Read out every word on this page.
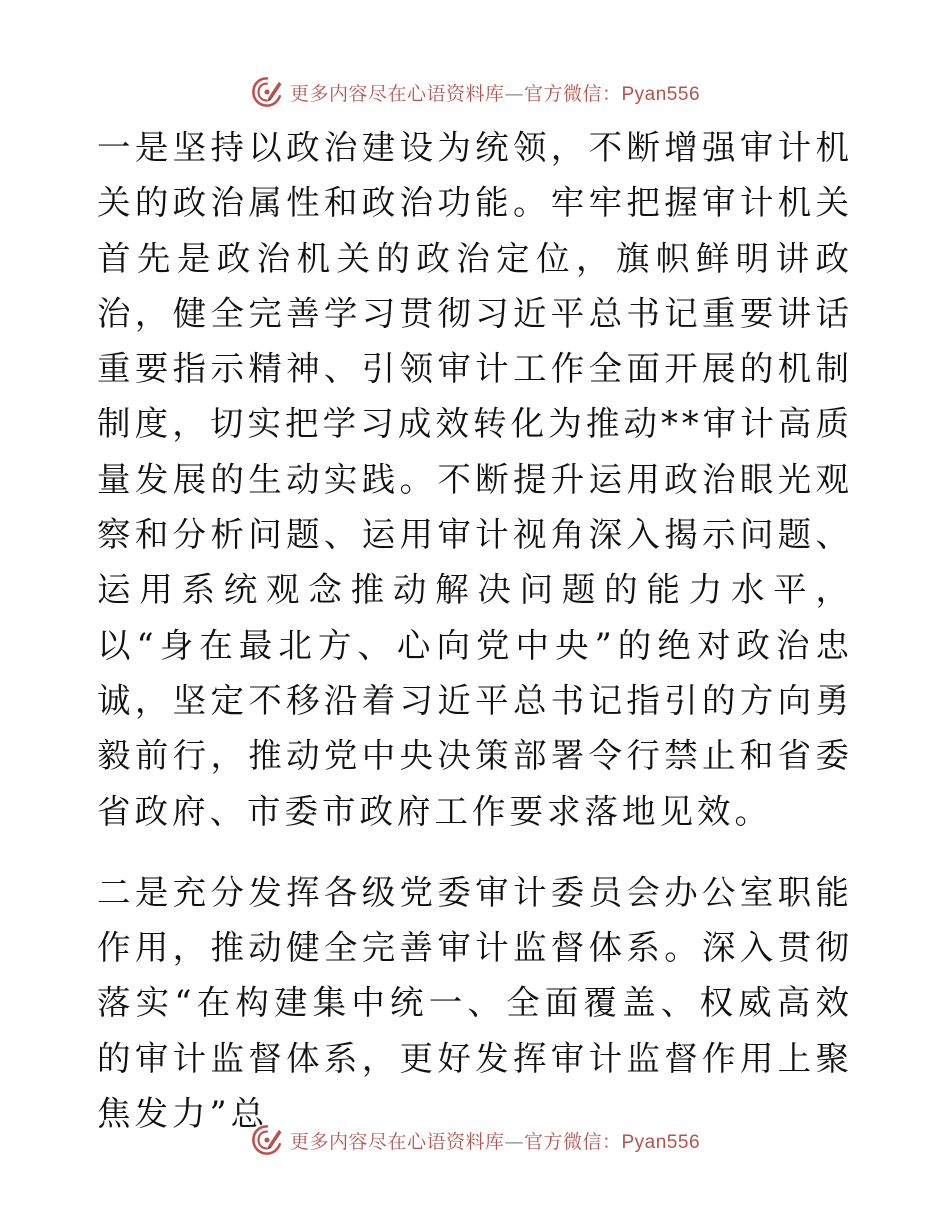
更多内容尽在心语资料库—官方微信：Pyan556

一是坚持以政治建设为统领，不断增强审计机关的政治属性和政治功能。牢牢把握审计机关首先是政治机关的政治定位，旗帜鲜明讲政治，健全完善学习贯彻习近平总书记重要讲话重要指示精神、引领审计工作全面开展的机制制度，切实把学习成效转化为推动**审计高质量发展的生动实践。不断提升运用政治眼光观察和分析问题、运用审计视角深入揭示问题、运用系统观念推动解决问题的能力水平，以“身在最北方、心向党中央”的绝对政治忠诚，坚定不移沿着习近平总书记指引的方向勇毅前行，推动党中央决策部署令行禁止和省委省政府、市委市政府工作要求落地见效。

二是充分发挥各级党委审计委员会办公室职能作用，推动健全完善审计监督体系。深入贯彻落实“在构建集中统一、全面覆盖、权威高效的审计监督体系，更好发挥审计监督作用上聚焦发力”总

更多内容尽在心语资料库—官方微信：Pyan556
